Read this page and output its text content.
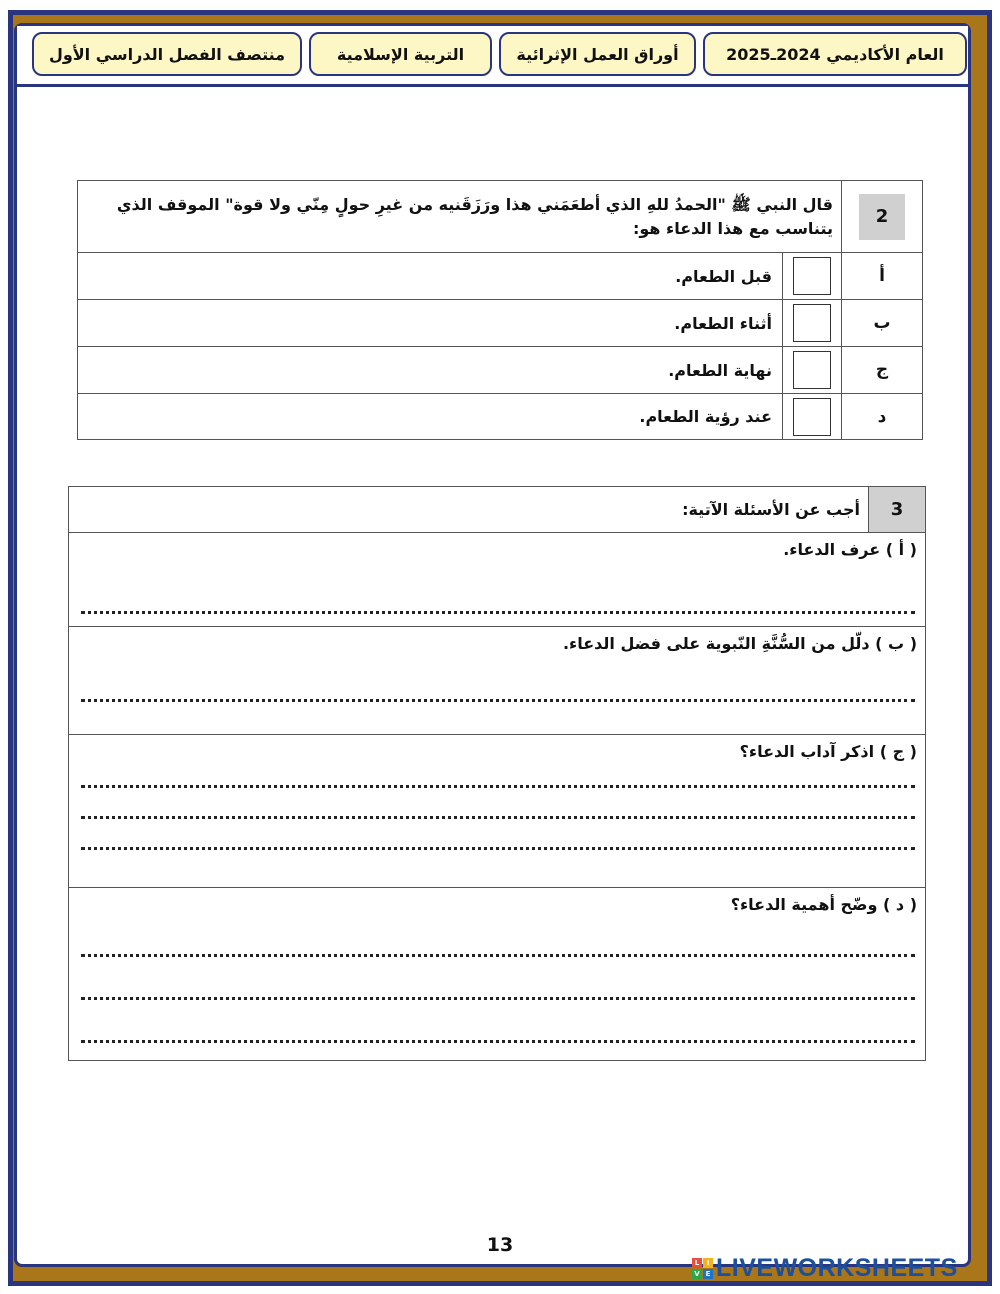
العام الأكاديمي 2024ـ2025
أوراق العمل الإثرائية
التربية الإسلامية
منتصف الفصل الدراسي الأول
2	قال النبي ﷺ "الحمدُ للهِ الذي أطعَمَني هذا ورَزَقَنيه من غيرِ حولٍ مِنّي ولا قوة" الموقف الذي يتناسب مع هذا الدعاء هو:	
أ		قبل الطعام.
ب		أثناء الطعام.
ج		نهاية الطعام.
د		عند رؤية الطعام.
3	أجب عن الأسئلة الآتية:

( أ ) عرف الدعاء.

( ب ) دلّل من السُّنَّةِ النّبوية على فضل الدعاء.

( ج ) اذكر آداب الدعاء؟

( د ) وضّح أهمية الدعاء؟
13
L	I
V E LIVEWORKSHEETS
